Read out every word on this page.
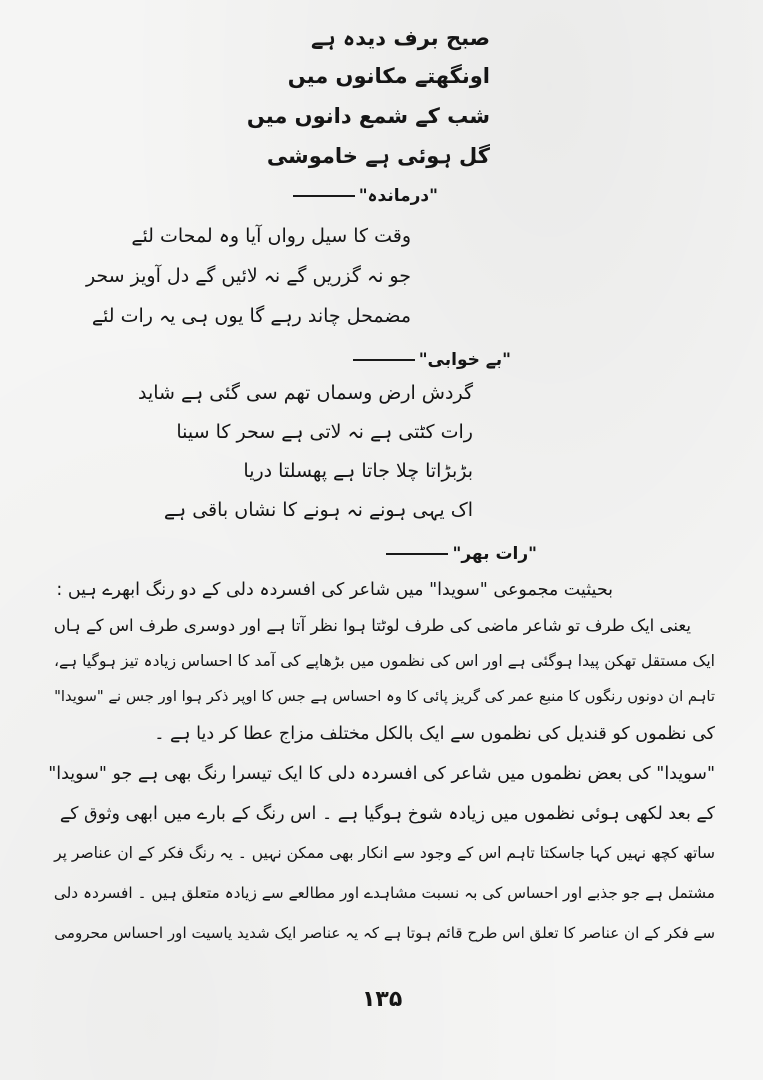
صبح برف دیدہ ہے
اونگھتے مکانوں میں
شب کے شمع دانوں میں
گل ہوئی ہے خاموشی
"درماندہ"
وقت کا سیل رواں آیا وہ لمحات لئے
جو نہ گزریں گے نہ لائیں گے دل آویز سحر
مضمحل چاند رہے گا یوں ہی یہ رات لئے
"بے خوابی"
گردش ارض وسماں تھم سی گئی ہے شاید
رات کٹتی ہے نہ لاتی ہے سحر کا سینا
بڑبڑاتا چلا جاتا ہے پھسلتا دریا
اک یہی ہونے نہ ہونے کا نشاں باقی ہے
"رات بھر"
بحیثیت مجموعی "سویدا" میں شاعر کی افسردہ دلی کے دو رنگ ابھرے ہیں :
یعنی ایک طرف تو شاعر ماضی کی طرف لوٹتا ہوا نظر آتا ہے اور دوسری طرف اس کے ہاں
ایک مستقل تھکن پیدا ہوگئی ہے اور اس کی نظموں میں بڑھاپے کی آمد کا احساس زیادہ تیز ہوگیا ہے،
تاہم ان دونوں رنگوں کا منبع عمر کی گریز پائی کا وہ احساس ہے جس کا اوپر ذکر ہوا اور جس نے "سویدا"
کی نظموں کو قندیل کی نظموں سے ایک بالکل مختلف مزاج عطا کر دیا ہے ۔
"سویدا" کی بعض نظموں میں شاعر کی افسردہ دلی کا ایک تیسرا رنگ بھی ہے جو "سویدا"
کے بعد لکھی ہوئی نظموں میں زیادہ شوخ ہوگیا ہے ۔ اس رنگ کے بارے میں ابھی وثوق کے
ساتھ کچھ نہیں کہا جاسکتا تاہم اس کے وجود سے انکار بھی ممکن نہیں ۔ یہ رنگ فکر کے ان عناصر پر
مشتمل ہے جو جذبے اور احساس کی بہ نسبت مشاہدے اور مطالعے سے زیادہ متعلق ہیں ۔ افسردہ دلی
سے فکر کے ان عناصر کا تعلق اس طرح قائم ہوتا ہے کہ یہ عناصر ایک شدید یاسیت اور احساس محرومی
۱۳۵
